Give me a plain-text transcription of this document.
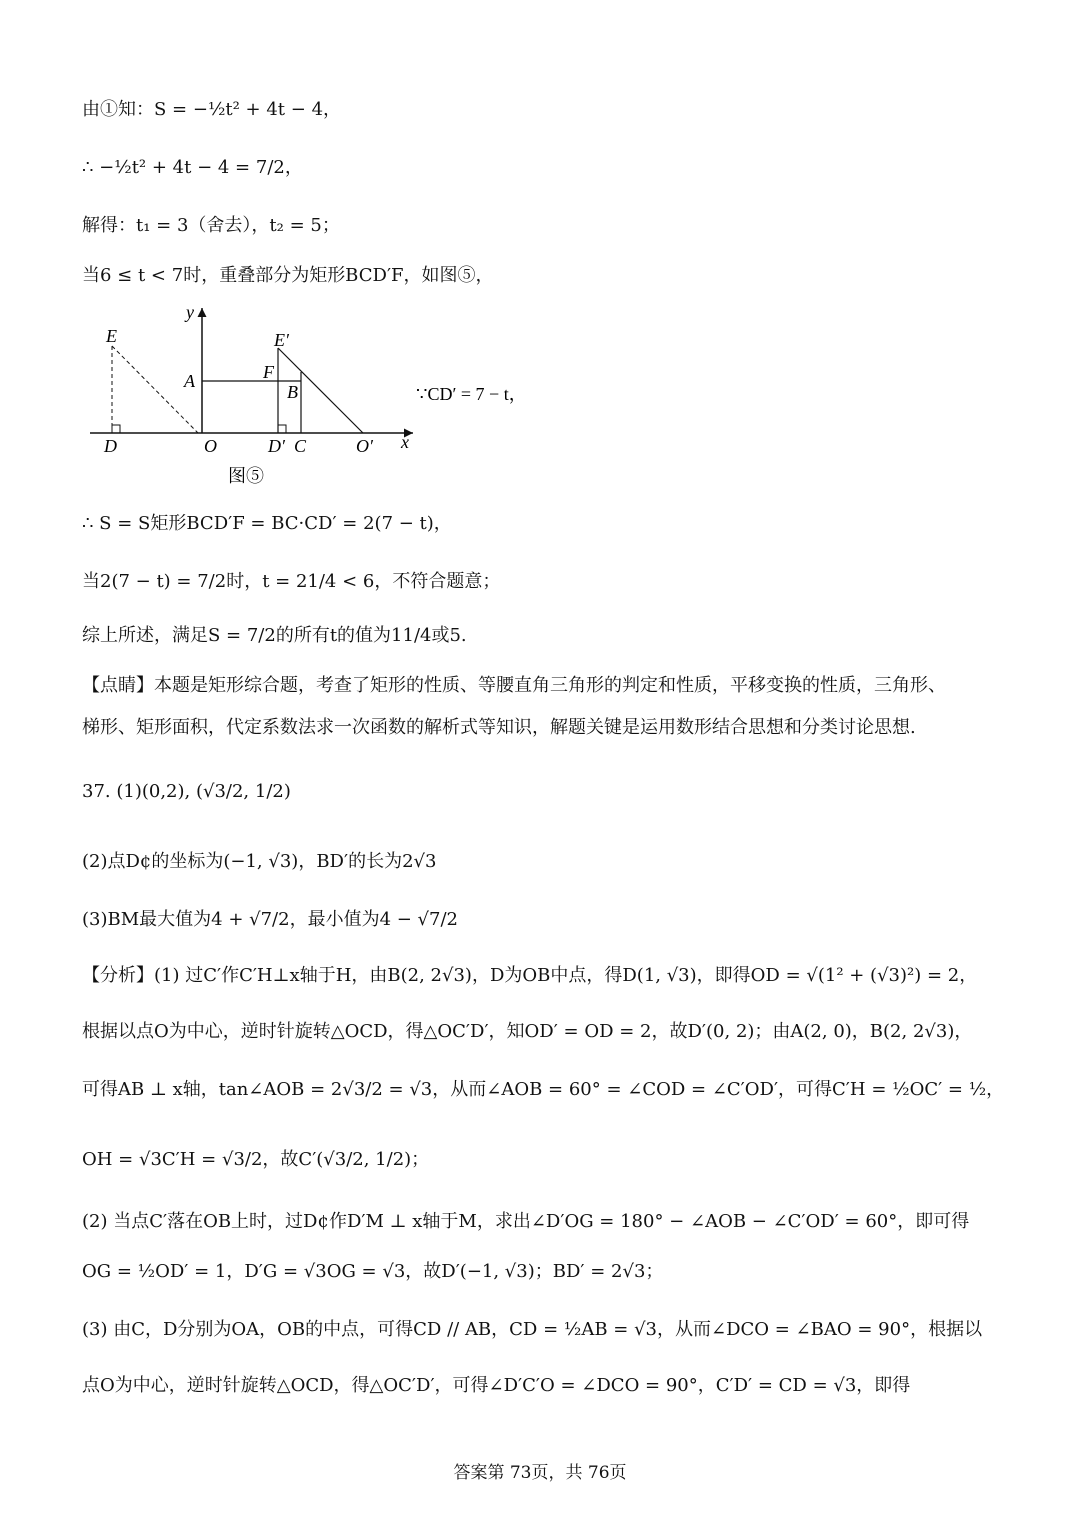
由①知：S = −½t² + 4t − 4，
∴ −½t² + 4t − 4 = 7/2，
解得：t₁ = 3（舍去），t₂ = 5；
当6 ≤ t < 7时，重叠部分为矩形BCD′F，如图⑤，
y
E	E′
A	F
B
D	O	D′ C	O′ x
图⑤
∵CD′ = 7 − t，
∴ S = S矩形BCD′F = BC·CD′ = 2(7 − t)，
当2(7 − t) = 7/2时，t = 21/4 < 6，不符合题意；
综上所述，满足S = 7/2的所有t的值为11/4或5.
【点睛】本题是矩形综合题，考查了矩形的性质、等腰直角三角形的判定和性质，平移变换的性质，三角形、
梯形、矩形面积，代定系数法求一次函数的解析式等知识，解题关键是运用数形结合思想和分类讨论思想.
37. (1)(0,2), (√3/2, 1/2)
(2)点D¢的坐标为(−1, √3)，BD′的长为2√3
(3)BM最大值为4 + √7/2，最小值为4 − √7/2
【分析】(1) 过C′作C′H⊥x轴于H，由B(2, 2√3)，D为OB中点，得D(1, √3)，即得OD = √(1² + (√3)²) = 2，
根据以点O为中心，逆时针旋转△OCD，得△OC′D′，知OD′ = OD = 2，故D′(0, 2)；由A(2, 0)，B(2, 2√3)，
可得AB ⊥ x轴，tan∠AOB = 2√3/2 = √3，从而∠AOB = 60° = ∠COD = ∠C′OD′，可得C′H = ½OC′ = ½，
OH = √3C′H = √3/2，故C′(√3/2, 1/2)；
(2) 当点C′落在OB上时，过D¢作D′M ⊥ x轴于M，求出∠D′OG = 180° − ∠AOB − ∠C′OD′ = 60°，即可得
OG = ½OD′ = 1，D′G = √3OG = √3，故D′(−1, √3)；BD′ = 2√3；
(3) 由C，D分别为OA，OB的中点，可得CD // AB，CD = ½AB = √3，从而∠DCO = ∠BAO = 90°，根据以
点O为中心，逆时针旋转△OCD，得△OC′D′，可得∠D′C′O = ∠DCO = 90°，C′D′ = CD = √3，即得
答案第 73页，共 76页
